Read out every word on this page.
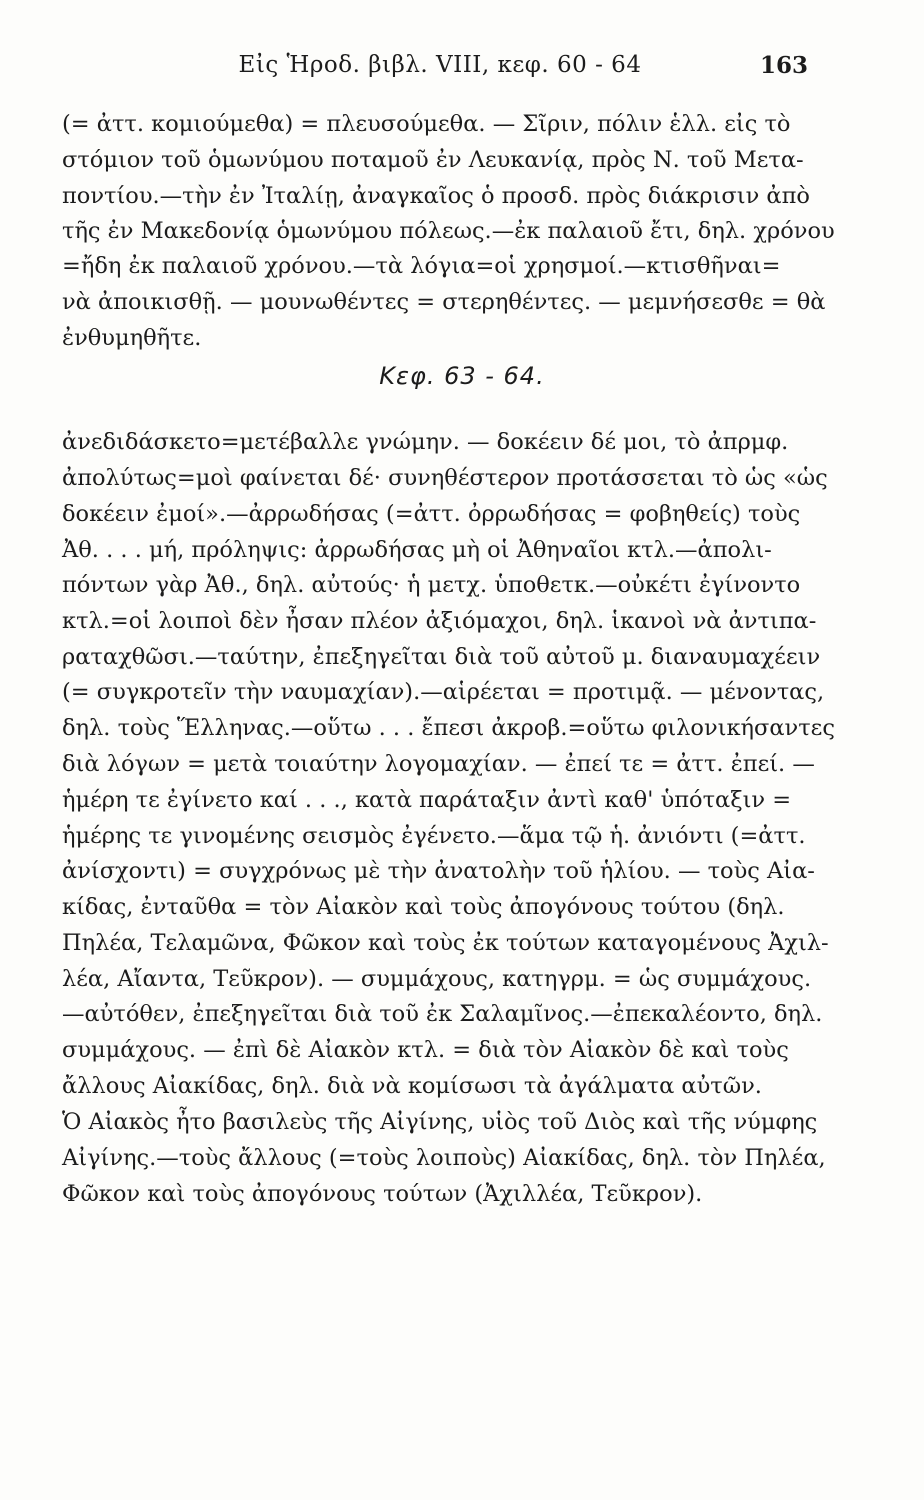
Εἰς Ἡροδ. βιβλ. VIII, κεφ. 60 - 64	163
(= ἀττ. κομιούμεθα) = πλευσούμεθα. — Σῖριν, πόλιν ἑλλ. εἰς τὸ
στόμιον τοῦ ὁμωνύμου ποταμοῦ ἐν Λευκανίᾳ, πρὸς Ν. τοῦ Μετα-
ποντίου.—τὴν ἐν Ἰταλίῃ, ἀναγκαῖος ὁ προσδ. πρὸς διάκρισιν ἀπὸ
τῆς ἐν Μακεδονίᾳ ὁμωνύμου πόλεως.—ἐκ παλαιοῦ ἔτι, δηλ. χρόνου
=ἤδη ἐκ παλαιοῦ χρόνου.—τὰ λόγια=οἱ χρησμοί.—κτισθῆναι=
νὰ ἀποικισθῇ. — μουνωθέντες = στερηθέντες. — μεμνήσεσθε = θὰ
ἐνθυμηθῆτε.
Κεφ. 63 - 64.
ἀνεδιδάσκετο=μετέβαλλε γνώμην. — δοκέειν δέ μοι, τὸ ἀπρμφ.
ἀπολύτως=μοὶ φαίνεται δέ· συνηθέστερον προτάσσεται τὸ ὡς «ὡς
δοκέειν ἐμοί».—ἀρρωδήσας (=ἀττ. ὀρρωδήσας = φοβηθείς) τοὺς
Ἀθ. . . . μή, πρόληψις: ἀρρωδήσας μὴ οἱ Ἀθηναῖοι κτλ.—ἀπολι-
πόντων γὰρ Ἀθ., δηλ. αὐτούς· ἡ μετχ. ὑποθετκ.—οὐκέτι ἐγίνοντο
κτλ.=οἱ λοιποὶ δὲν ἦσαν πλέον ἀξιόμαχοι, δηλ. ἱκανοὶ νὰ ἀντιπα-
ραταχθῶσι.—ταύτην, ἐπεξηγεῖται διὰ τοῦ αὐτοῦ μ. διαναυμαχέειν
(= συγκροτεῖν τὴν ναυμαχίαν).—αἱρέεται = προτιμᾷ. — μένοντας,
δηλ. τοὺς Ἕλληνας.—οὕτω . . . ἔπεσι ἀκροβ.=οὕτω φιλονικήσαντες
διὰ λόγων = μετὰ τοιαύτην λογομαχίαν. — ἐπεί τε = ἀττ. ἐπεί. —
ἡμέρη τε ἐγίνετο καί . . ., κατὰ παράταξιν ἀντὶ καθ' ὑπόταξιν =
ἡμέρης τε γινομένης σεισμὸς ἐγένετο.—ἅμα τῷ ἡ. ἀνιόντι (=ἀττ.
ἀνίσχοντι) = συγχρόνως μὲ τὴν ἀνατολὴν τοῦ ἡλίου. — τοὺς Αἰα-
κίδας, ἐνταῦθα = τὸν Αἰακὸν καὶ τοὺς ἀπογόνους τούτου (δηλ.
Πηλέα, Τελαμῶνα, Φῶκον καὶ τοὺς ἐκ τούτων καταγομένους Ἀχιλ-
λέα, Αἴαντα, Τεῦκρον). — συμμάχους, κατηγρμ. = ὡς συμμάχους.
—αὐτόθεν, ἐπεξηγεῖται διὰ τοῦ ἐκ Σαλαμῖνος.—ἐπεκαλέοντο, δηλ.
συμμάχους. — ἐπὶ δὲ Αἰακὸν κτλ. = διὰ τὸν Αἰακὸν δὲ καὶ τοὺς
ἄλλους Αἰακίδας, δηλ. διὰ νὰ κομίσωσι τὰ ἀγάλματα αὐτῶν.
Ὁ Αἰακὸς ἦτο βασιλεὺς τῆς Αἰγίνης, υἱὸς τοῦ Διὸς καὶ τῆς νύμφης
Αἰγίνης.—τοὺς ἄλλους (=τοὺς λοιποὺς) Αἰακίδας, δηλ. τὸν Πηλέα,
Φῶκον καὶ τοὺς ἀπογόνους τούτων (Ἀχιλλέα, Τεῦκρον).
